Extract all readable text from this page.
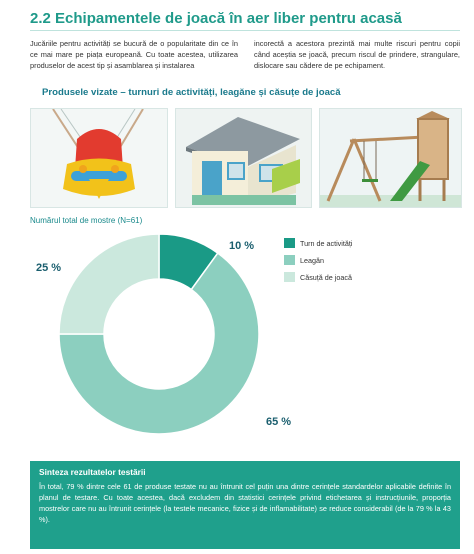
2.2 Echipamentele de joacă în aer liber pentru acasă
Jucăriile pentru activități se bucură de o popularitate din ce în ce mai mare pe piața europeană. Cu toate acestea, utilizarea produselor de acest tip și asamblarea și instalarea
incorectă a acestora prezintă mai multe riscuri pentru copii când aceștia se joacă, precum riscul de prindere, strangulare, dislocare sau cădere de pe echipament.
Produsele vizate – turnuri de activități, leagăne și căsuțe de joacă
Numărul total de mostre (N=61)
10 %
65 %
25 %
Turn de activități
Leagăn
Căsuță de joacă
Sinteza rezultatelor testării
În total, 79 % dintre cele 61 de produse testate nu au întrunit cel puțin una dintre cerințele standardelor aplicabile definite în planul de testare. Cu toate acestea, dacă excludem din statistici cerințele privind etichetarea și instrucțiunile, proporția mostrelor care nu au întrunit cerințele (la testele mecanice, fizice și de inflamabilitate) se reduce considerabil (de la 79 % la 43 %).
